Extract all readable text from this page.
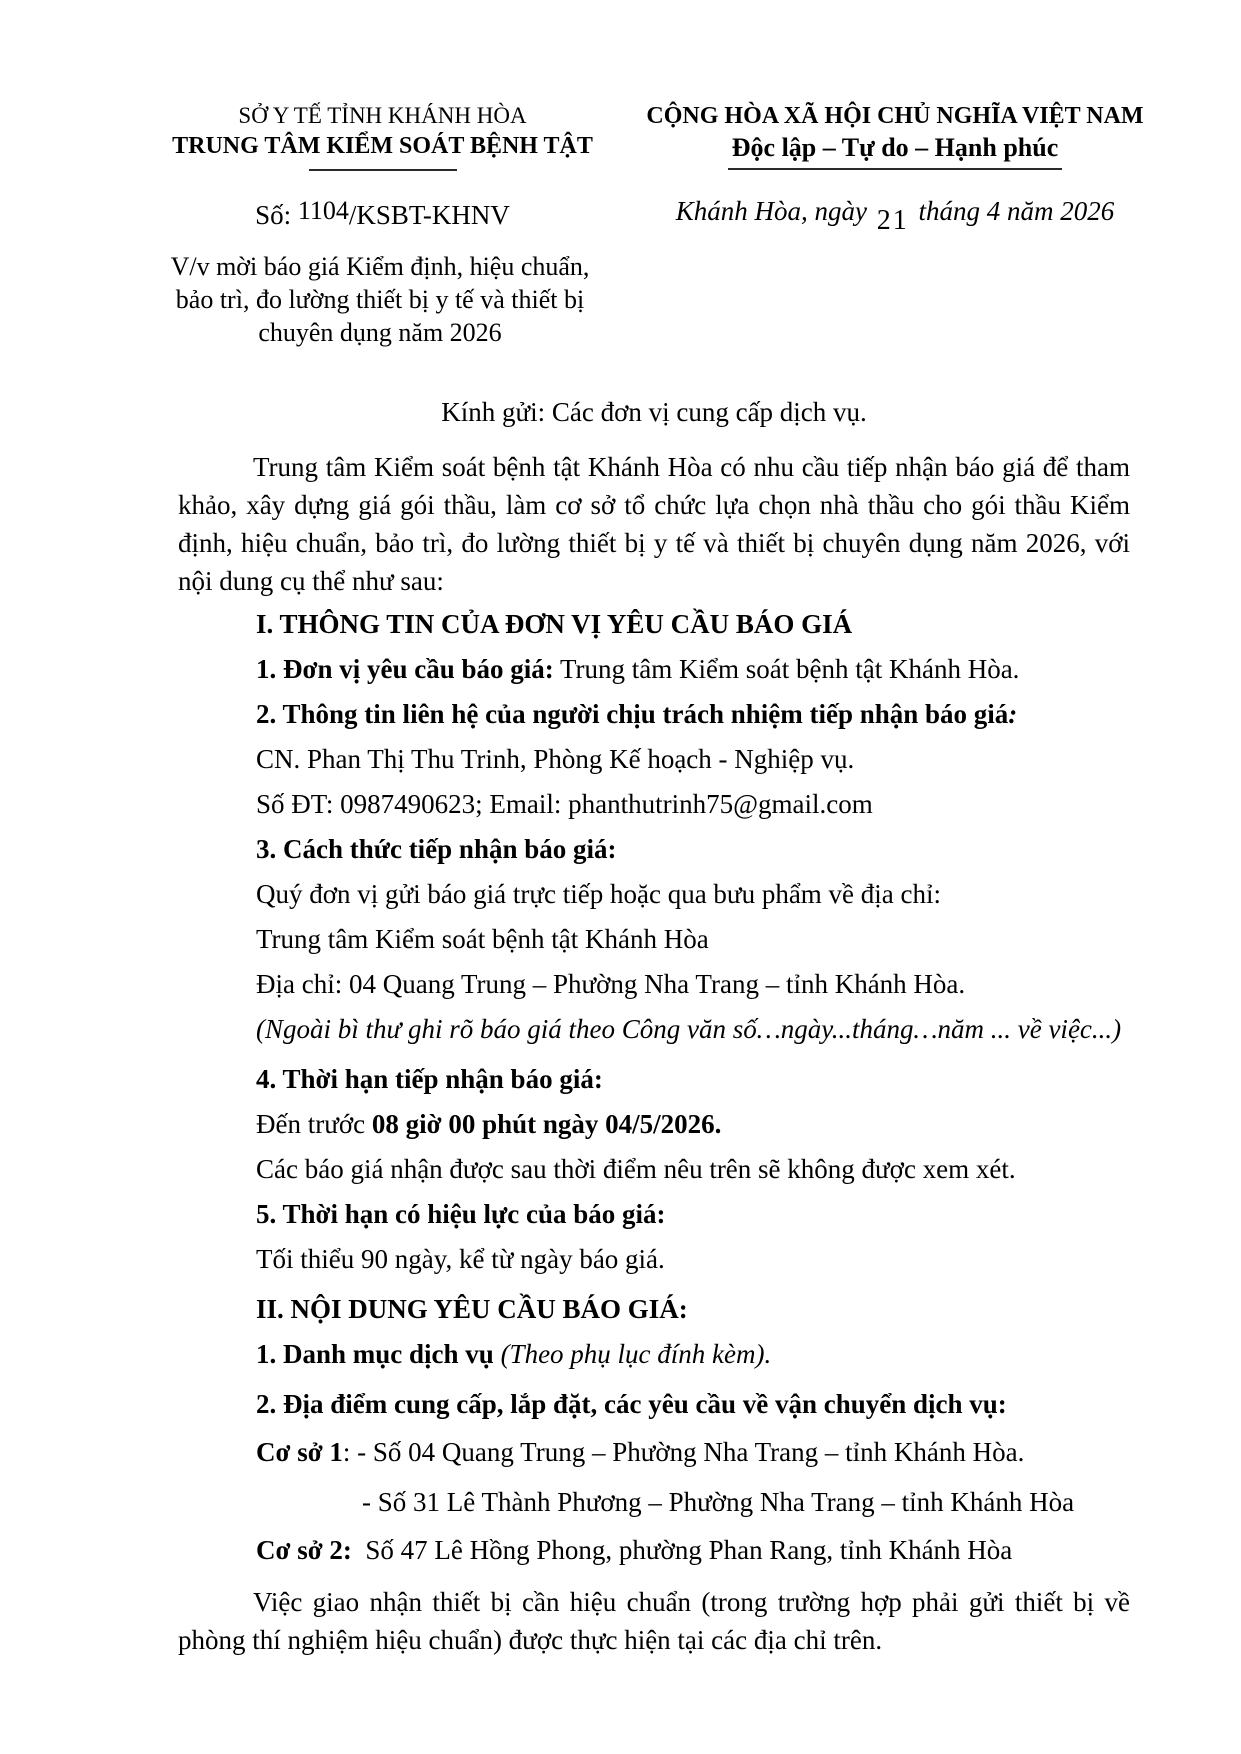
SỞ Y TẾ TỈNH KHÁNH HÒA
TRUNG TÂM KIỂM SOÁT BỆNH TẬT
CỘNG HÒA XÃ HỘI CHỦ NGHĨA VIỆT NAM
Độc lập – Tự do – Hạnh phúc
Số: 1104/KSBT-KHNV	Khánh Hòa, ngày 21 tháng 4 năm 2026
V/v mời báo giá Kiểm định, hiệu chuẩn,
bảo trì, đo lường thiết bị y tế và thiết bị
chuyên dụng năm 2026
Kính gửi: Các đơn vị cung cấp dịch vụ.

Trung tâm Kiểm soát bệnh tật Khánh Hòa có nhu cầu tiếp nhận báo giá để tham khảo, xây dựng giá gói thầu, làm cơ sở tổ chức lựa chọn nhà thầu cho gói thầu Kiểm định, hiệu chuẩn, bảo trì, đo lường thiết bị y tế và thiết bị chuyên dụng năm 2026, với nội dung cụ thể như sau:

I. THÔNG TIN CỦA ĐƠN VỊ YÊU CẦU BÁO GIÁ

1. Đơn vị yêu cầu báo giá: Trung tâm Kiểm soát bệnh tật Khánh Hòa.

2. Thông tin liên hệ của người chịu trách nhiệm tiếp nhận báo giá:

CN. Phan Thị Thu Trinh, Phòng Kế hoạch - Nghiệp vụ.

Số ĐT: 0987490623; Email: phanthutrinh75@gmail.com

3. Cách thức tiếp nhận báo giá:

Quý đơn vị gửi báo giá trực tiếp hoặc qua bưu phẩm về địa chỉ:

Trung tâm Kiểm soát bệnh tật Khánh Hòa

Địa chỉ: 04 Quang Trung – Phường Nha Trang – tỉnh Khánh Hòa.

(Ngoài bì thư ghi rõ báo giá theo Công văn số…ngày...tháng…năm ... về việc...)

4. Thời hạn tiếp nhận báo giá:

Đến trước 08 giờ 00 phút ngày 04/5/2026.

Các báo giá nhận được sau thời điểm nêu trên sẽ không được xem xét.

5. Thời hạn có hiệu lực của báo giá:

Tối thiểu 90 ngày, kể từ ngày báo giá.

II. NỘI DUNG YÊU CẦU BÁO GIÁ:

1. Danh mục dịch vụ (Theo phụ lục đính kèm).

2. Địa điểm cung cấp, lắp đặt, các yêu cầu về vận chuyển dịch vụ:

Cơ sở 1: - Số 04 Quang Trung – Phường Nha Trang – tỉnh Khánh Hòa.

- Số 31 Lê Thành Phương – Phường Nha Trang – tỉnh Khánh Hòa

Cơ sở 2: Số 47 Lê Hồng Phong, phường Phan Rang, tỉnh Khánh Hòa

Việc giao nhận thiết bị cần hiệu chuẩn (trong trường hợp phải gửi thiết bị về phòng thí nghiệm hiệu chuẩn) được thực hiện tại các địa chỉ trên.
